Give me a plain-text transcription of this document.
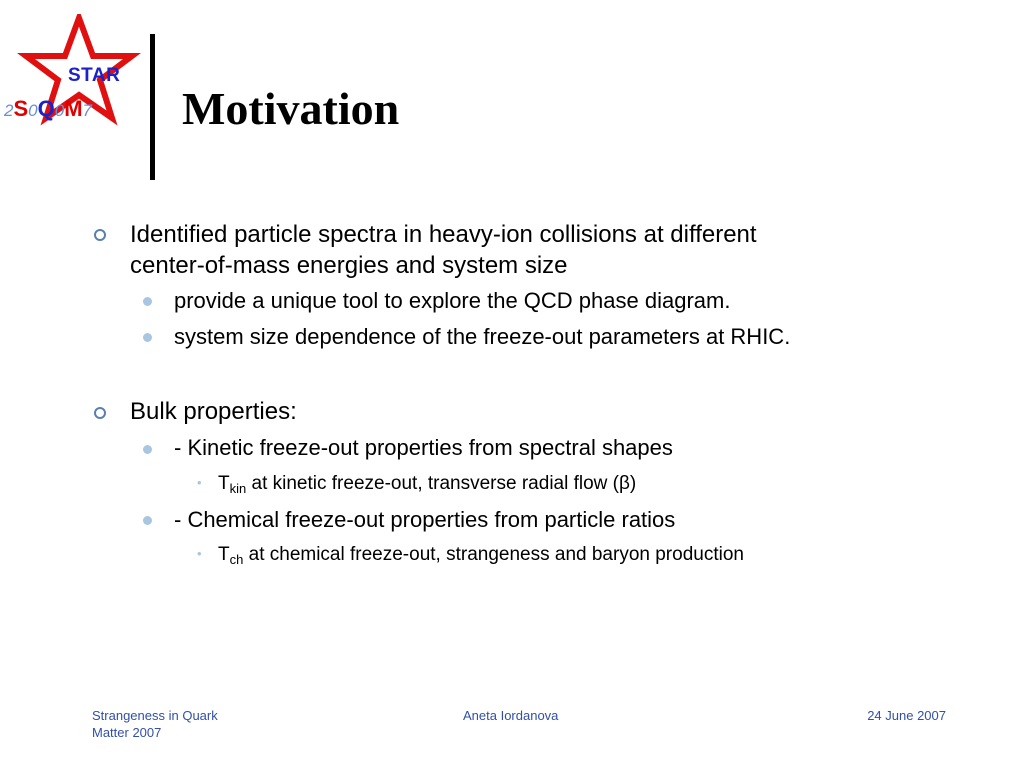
STAR
2S0Q0M7 Motivation
Identified particle spectra in heavy-ion collisions at different
center-of-mass energies and system size
provide a unique tool to explore the QCD phase diagram.
system size dependence of the freeze-out parameters at RHIC.
Bulk properties:
- Kinetic freeze-out properties from spectral shapes
• $T_{kin}$ at kinetic freeze-out, transverse radial flow (β)
- Chemical freeze-out properties from particle ratios
• $T_{ch}$ at chemical freeze-out, strangeness and baryon production
Strangeness in Quark
Matter 2007
Aneta Iordanova	24 June 2007
